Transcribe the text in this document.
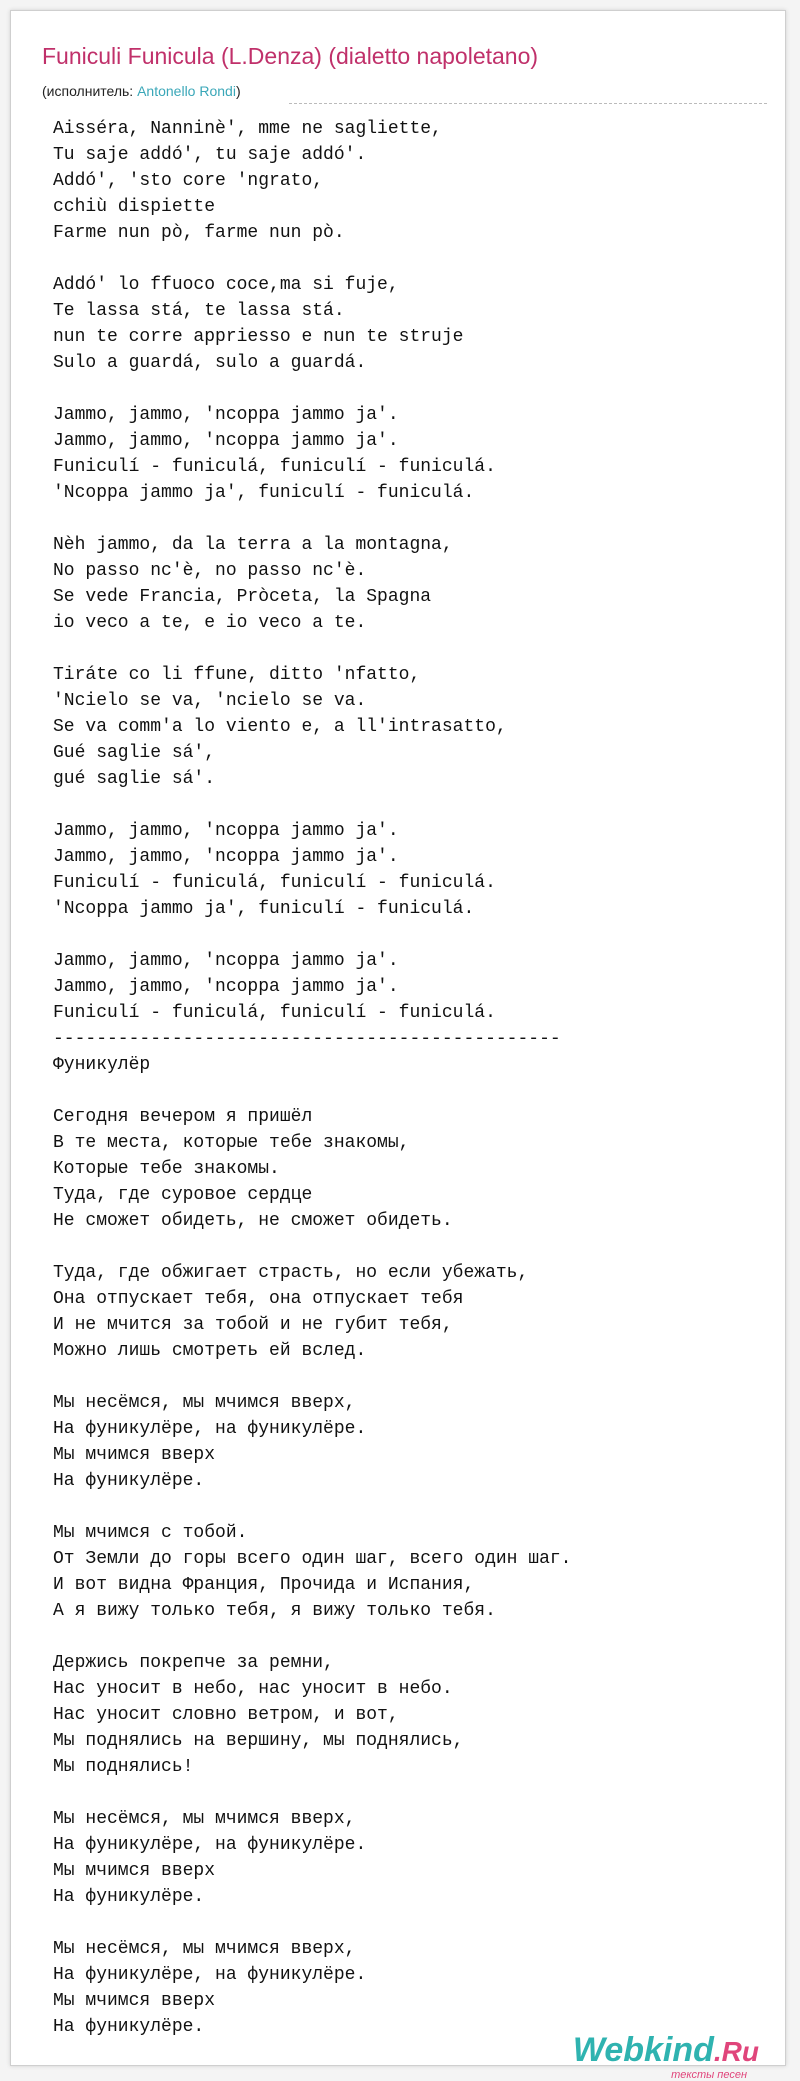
Funiculi Funicula (L.Denza) (dialetto napoletano)
(исполнитель: Antonello Rondi)
Aisséra, Nanninè', mme ne sagliette,
Tu saje addó', tu saje addó'.
Addó', 'sto core 'ngrato,
cchiù dispiette
Farme nun pò, farme nun pò.

Addó' lo ffuoco coce,ma si fuje,
Te lassa stá, te lassa stá.
nun te corre appriesso e nun te struje
Sulo a guardá, sulo a guardá.

Jammo, jammo, 'ncoppa jammo ja'.
Jammo, jammo, 'ncoppa jammo ja'.
Funiculí - funiculá, funiculí - funiculá.
'Ncoppa jammo ja', funiculí - funiculá.

Nèh jammo, da la terra a la montagna,
No passo nc'è, no passo nc'è.
Se vede Francia, Pròceta, la Spagna
io veco a te, e io veco a te.

Tiráte co li ffune, ditto 'nfatto,
'Ncielo se va, 'ncielo se va.
Se va comm'a lo viento e, a ll'intrasatto,
Gué saglie sá',
gué saglie sá'.

Jammo, jammo, 'ncoppa jammo ja'.
Jammo, jammo, 'ncoppa jammo ja'.
Funiculí - funiculá, funiculí - funiculá.
'Ncoppa jammo ja', funiculí - funiculá.

Jammo, jammo, 'ncoppa jammo ja'.
Jammo, jammo, 'ncoppa jammo ja'.
Funiculí - funiculá, funiculí - funiculá.
-----------------------------------------------
Фуникулёр

Сегодня вечером я пришёл
В те места, которые тебе знакомы,
Которые тебе знакомы.
Туда, где суровое сердце
Не сможет обидеть, не сможет обидеть.

Туда, где обжигает страсть, но если убежать,
Она отпускает тебя, она отпускает тебя
И не мчится за тобой и не губит тебя,
Можно лишь смотреть ей вслед.

Мы несёмся, мы мчимся вверх,
На фуникулёре, на фуникулёре.
Мы мчимся вверх
На фуникулёре.

Мы мчимся с тобой.
От Земли до горы всего один шаг, всего один шаг.
И вот видна Франция, Прочида и Испания,
А я вижу только тебя, я вижу только тебя.

Держись покрепче за ремни,
Нас уносит в небо, нас уносит в небо.
Нас уносит словно ветром, и вот,
Мы поднялись на вершину, мы поднялись,
Мы поднялись!

Мы несёмся, мы мчимся вверх,
На фуникулёре, на фуникулёре.
Мы мчимся вверх
На фуникулёре.

Мы несёмся, мы мчимся вверх,
На фуникулёре, на фуникулёре.
Мы мчимся вверх
На фуникулёре.
Webkind.Ru
тексты песен
